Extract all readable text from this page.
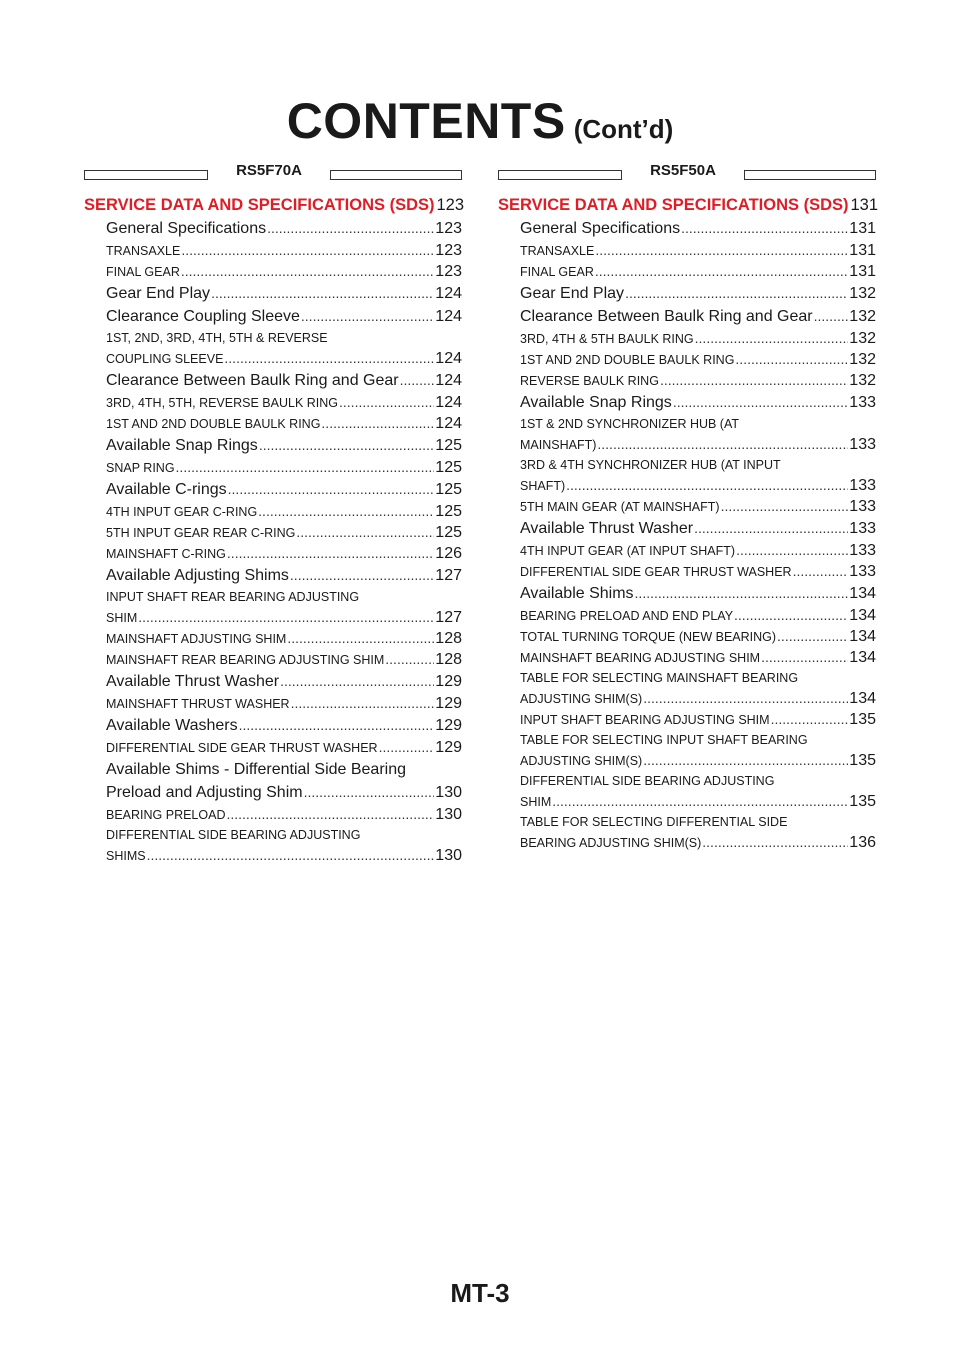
CONTENTS (Cont’d)
RS5F70A
SERVICE DATA AND SPECIFICATIONS (SDS) 123
General Specifications .....	123
TRANSAXLE .....	123
FINAL GEAR .....	123
Gear End Play .....	124
Clearance Coupling Sleeve .....	124
1ST, 2ND, 3RD, 4TH, 5TH & REVERSE
COUPLING SLEEVE .....	124
Clearance Between Baulk Ring and Gear ..... 124
3RD, 4TH, 5TH, REVERSE BAULK RING .....	124
1ST AND 2ND DOUBLE BAULK RING .....	124
Available Snap Rings .....	125
SNAP RING .....	125
Available C-rings .....	125
4TH INPUT GEAR C-RING .....	125
5TH INPUT GEAR REAR C-RING .....	125
MAINSHAFT C-RING .....	126
Available Adjusting Shims .....	127
INPUT SHAFT REAR BEARING ADJUSTING
SHIM .....	127
MAINSHAFT ADJUSTING SHIM .....	128
MAINSHAFT REAR BEARING ADJUSTING SHIM .....	128
Available Thrust Washer .....	129
MAINSHAFT THRUST WASHER .....	129
Available Washers .....	129
DIFFERENTIAL SIDE GEAR THRUST WASHER .....	129
Available Shims - Differential Side Bearing
Preload and Adjusting Shim .....	130
BEARING PRELOAD .....	130
DIFFERENTIAL SIDE BEARING ADJUSTING
SHIMS .....	130
RS5F50A
SERVICE DATA AND SPECIFICATIONS (SDS) 131
General Specifications .....	131
TRANSAXLE .....	131
FINAL GEAR .....	131
Gear End Play .....	132
Clearance Between Baulk Ring and Gear ..... 132
3RD, 4TH & 5TH BAULK RING .....	132
1ST AND 2ND DOUBLE BAULK RING .....	132
REVERSE BAULK RING .....	132
Available Snap Rings .....	133
1ST & 2ND SYNCHRONIZER HUB (AT
MAINSHAFT) .....	133
3RD & 4TH SYNCHRONIZER HUB (AT INPUT
SHAFT) .....	133
5TH MAIN GEAR (AT MAINSHAFT) .....	133
Available Thrust Washer .....	133
4TH INPUT GEAR (AT INPUT SHAFT) .....	133
DIFFERENTIAL SIDE GEAR THRUST WASHER .....	133
Available Shims .....	134
BEARING PRELOAD AND END PLAY .....	134
TOTAL TURNING TORQUE (NEW BEARING) .....	134
MAINSHAFT BEARING ADJUSTING SHIM .....	134
TABLE FOR SELECTING MAINSHAFT BEARING
ADJUSTING SHIM(S) .....	134
INPUT SHAFT BEARING ADJUSTING SHIM .....	135
TABLE FOR SELECTING INPUT SHAFT BEARING
ADJUSTING SHIM(S) .....	135
DIFFERENTIAL SIDE BEARING ADJUSTING
SHIM .....	135
TABLE FOR SELECTING DIFFERENTIAL SIDE
BEARING ADJUSTING SHIM(S) .....	136
MT-3
